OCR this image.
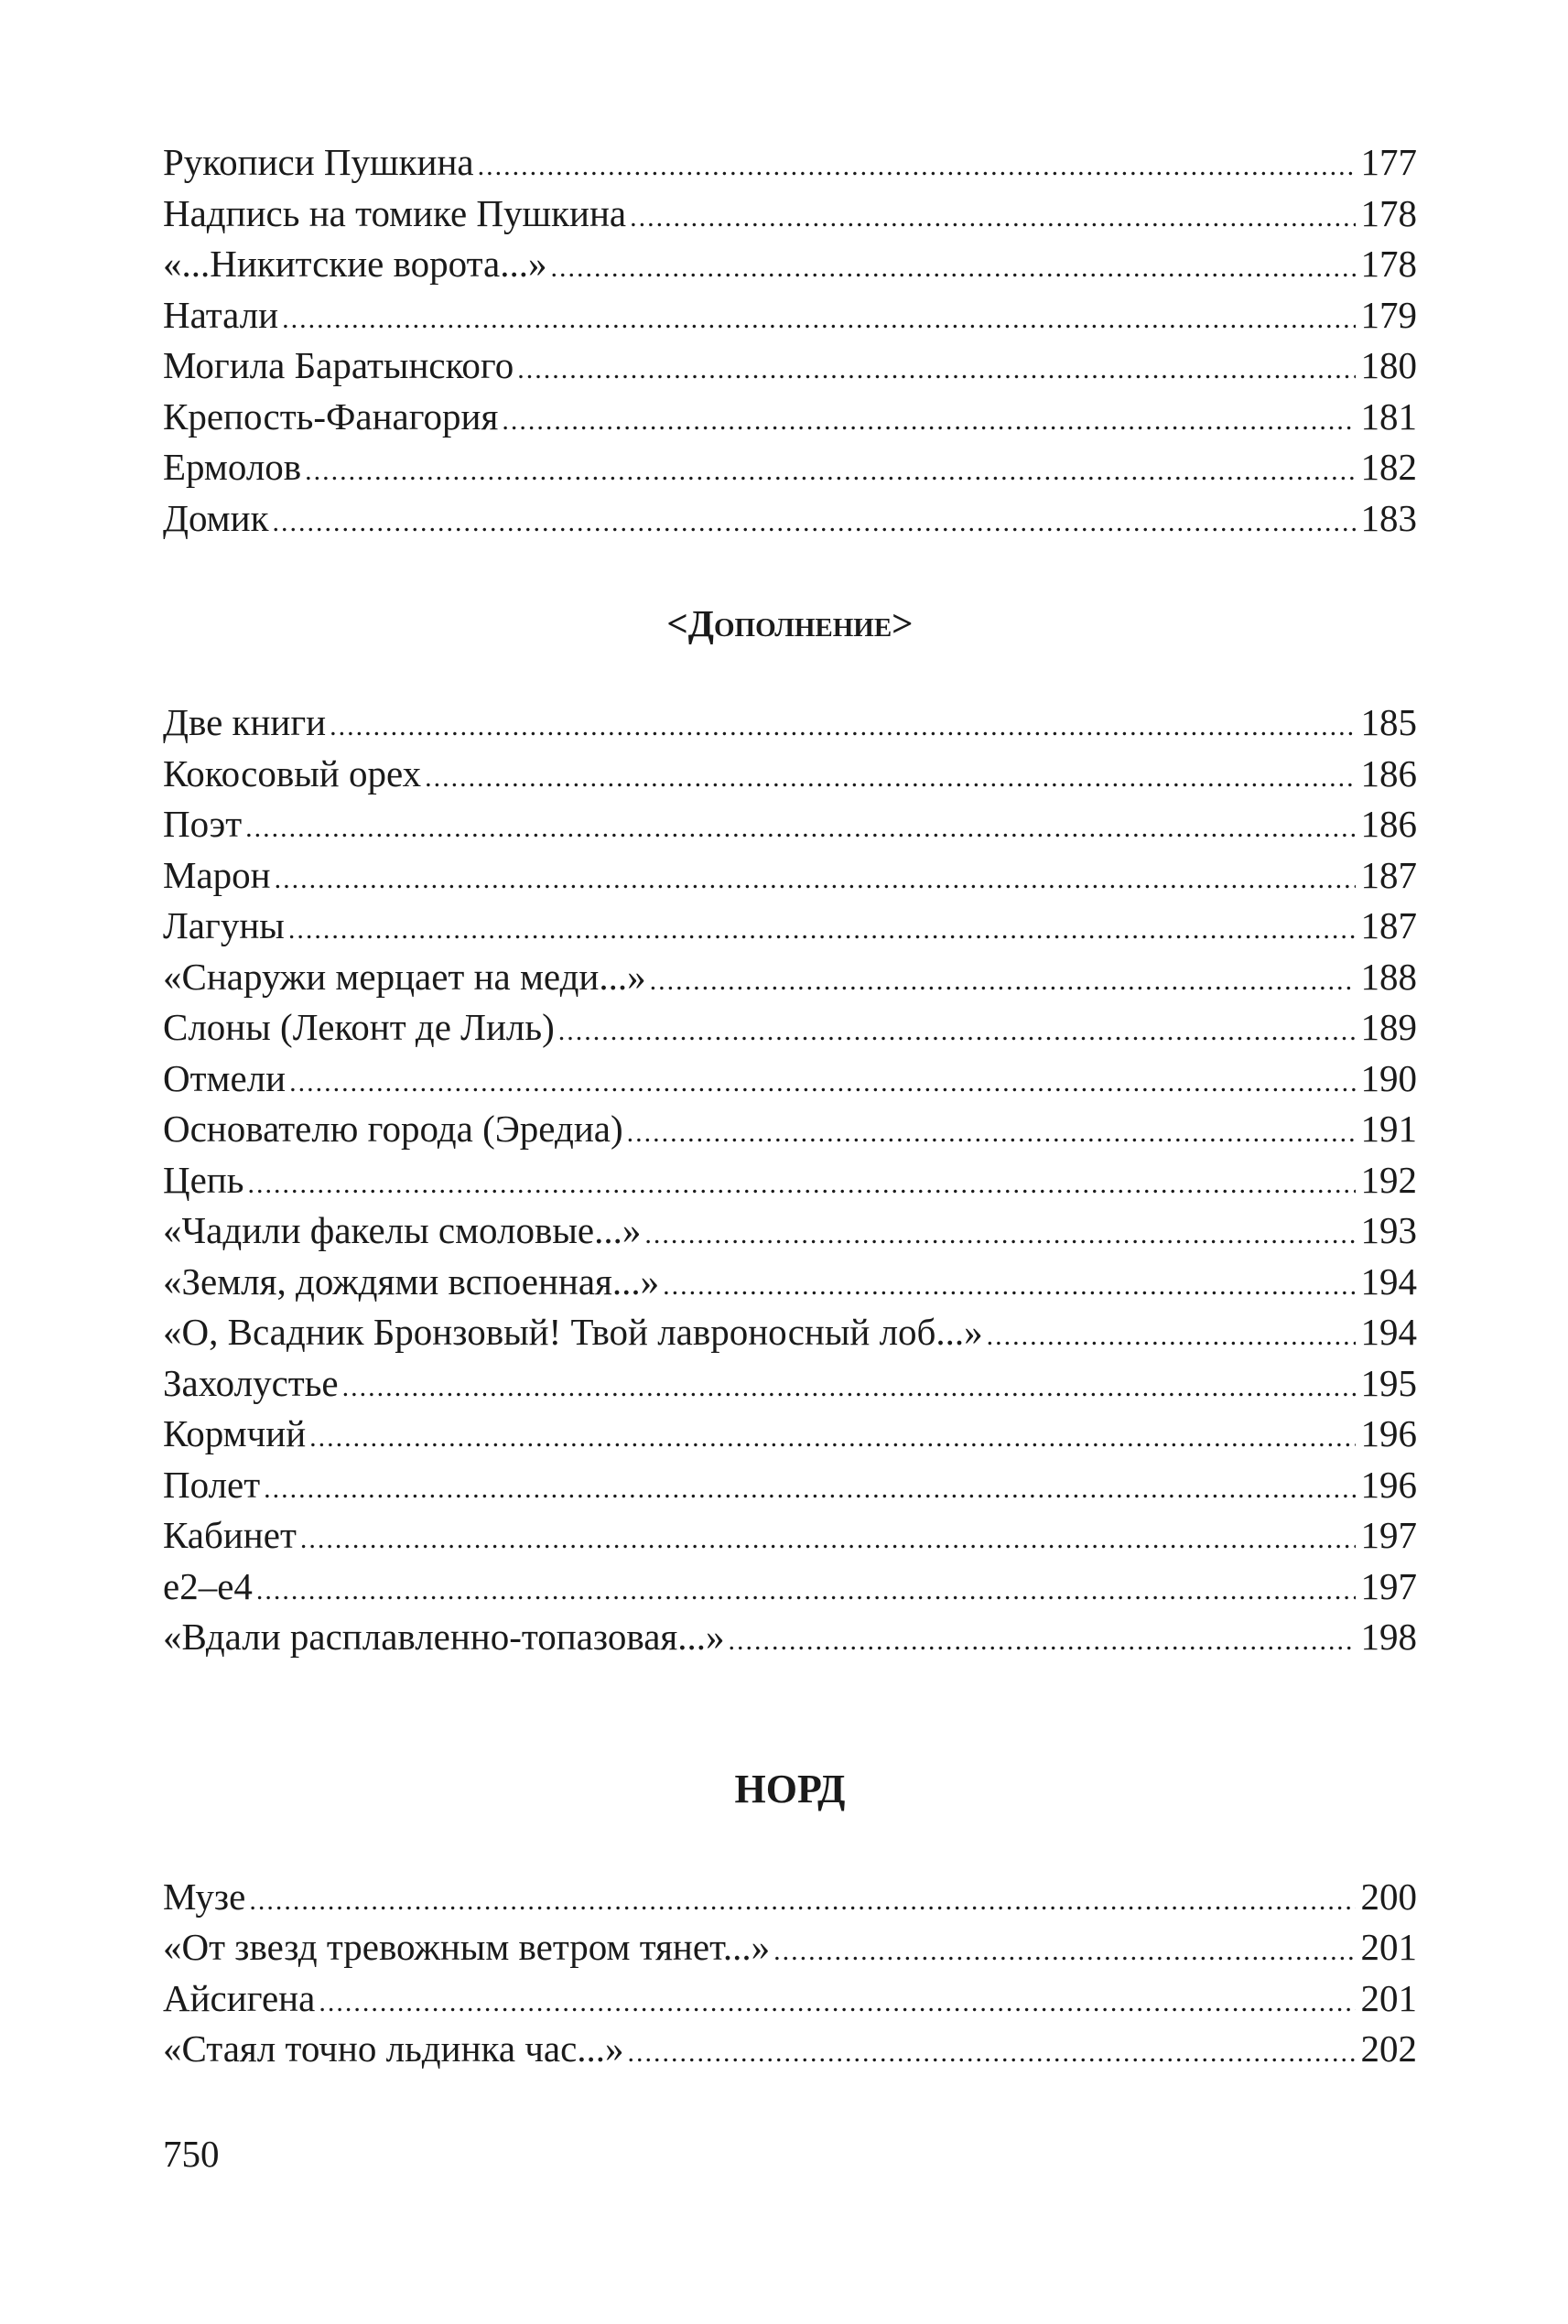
Рукописи Пушкина .....	177
Надпись на томике Пушкина .....	178
«...Никитские ворота...» .....	178
Натали .....	179
Могила Баратынского .....	180
Крепость-Фанагория .....	181
Ермолов .....	182
Домик .....	183
<Дополнение>
Две книги .....	185
Кокосовый орех .....	186
Поэт .....	186
Марон .....	187
Лагуны .....	187
«Снаружи мерцает на меди...» .....	188
Слоны (Леконт де Лиль) .....	189
Отмели .....	190
Основателю города (Эредиа) .....	191
Цепь .....	192
«Чадили факелы смоловые...» .....	193
«Земля, дождями вспоенная...» .....	194
«О, Всадник Бронзовый! Твой лавроносный лоб...» .....	194
Захолустье .....	195
Кормчий .....	196
Полет .....	196
Кабинет .....	197
е2–е4 .....	197
«Вдали расплавленно-топазовая...» .....	198
НОРД
Музе .....	200
«От звезд тревожным ветром тянет...» .....	201
Айсигена .....	201
«Стаял точно льдинка час...» .....	202
750
